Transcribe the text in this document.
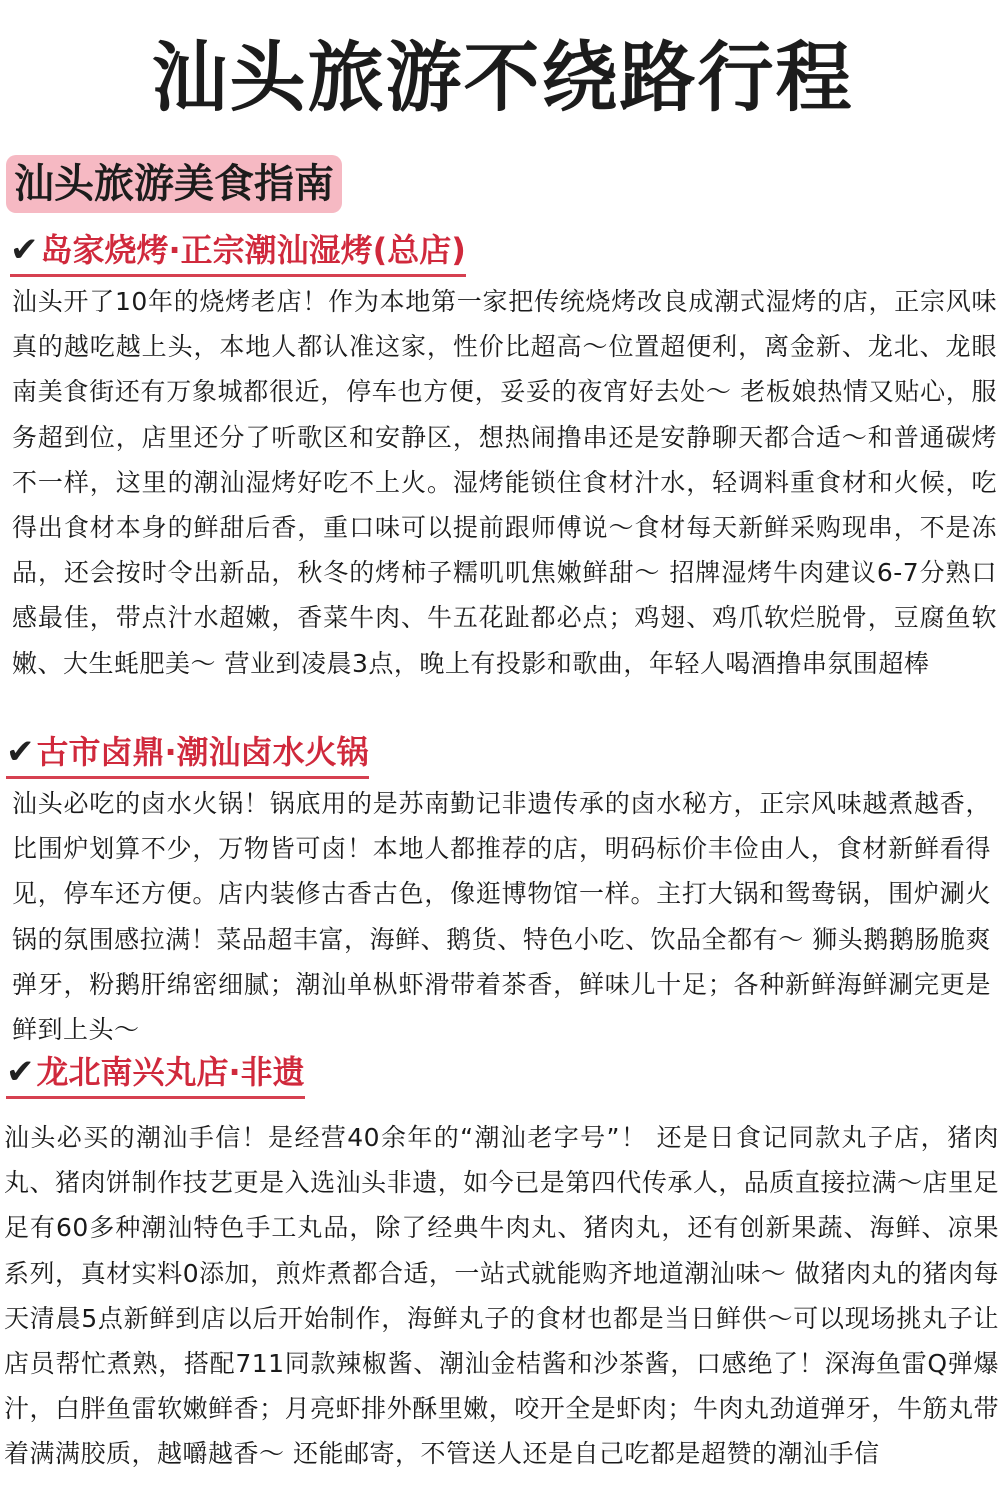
汕头旅游不绕路行程
汕头旅游美食指南
✔岛家烧烤·正宗潮汕湿烤(总店)

汕头开了10年的烧烤老店！作为本地第一家把传统烧烤改良成潮式湿烤的店，正宗风味真的越吃越上头，本地人都认准这家，性价比超高～位置超便利，离金新、龙北、龙眼南美食街还有万象城都很近，停车也方便，妥妥的夜宵好去处～ 老板娘热情又贴心，服务超到位，店里还分了听歌区和安静区，想热闹撸串还是安静聊天都合适～和普通碳烤不一样，这里的潮汕湿烤好吃不上火。湿烤能锁住食材汁水，轻调料重食材和火候，吃得出食材本身的鲜甜后香，重口味可以提前跟师傅说～食材每天新鲜采购现串，不是冻品，还会按时令出新品，秋冬的烤柿子糯叽叽焦嫩鲜甜～ 招牌湿烤牛肉建议6-7分熟口感最佳，带点汁水超嫩，香菜牛肉、牛五花趾都必点；鸡翅、鸡爪软烂脱骨，豆腐鱼软嫩、大生蚝肥美～ 营业到凌晨3点，晚上有投影和歌曲，年轻人喝酒撸串氛围超棒

✔古市卤鼎·潮汕卤水火锅

汕头必吃的卤水火锅！锅底用的是苏南勤记非遗传承的卤水秘方，正宗风味越煮越香，比围炉划算不少，万物皆可卤！本地人都推荐的店，明码标价丰俭由人，食材新鲜看得见，停车还方便。店内装修古香古色，像逛博物馆一样。主打大锅和鸳鸯锅，围炉涮火锅的氛围感拉满！菜品超丰富，海鲜、鹅货、特色小吃、饮品全都有～ 狮头鹅鹅肠脆爽弹牙，粉鹅肝绵密细腻；潮汕单枞虾滑带着茶香，鲜味儿十足；各种新鲜海鲜涮完更是鲜到上头～

✔龙北南兴丸店·非遗

汕头必买的潮汕手信！是经营40余年的“潮汕老字号”！ 还是日食记同款丸子店，猪肉丸、猪肉饼制作技艺更是入选汕头非遗，如今已是第四代传承人，品质直接拉满～店里足足有60多种潮汕特色手工丸品，除了经典牛肉丸、猪肉丸，还有创新果蔬、海鲜、凉果系列，真材实料0添加，煎炸煮都合适，一站式就能购齐地道潮汕味～ 做猪肉丸的猪肉每天清晨5点新鲜到店以后开始制作，海鲜丸子的食材也都是当日鲜供～可以现场挑丸子让店员帮忙煮熟，搭配711同款辣椒酱、潮汕金桔酱和沙茶酱，口感绝了！深海鱼雷Q弹爆汁，白胖鱼雷软嫩鲜香；月亮虾排外酥里嫩，咬开全是虾肉；牛肉丸劲道弹牙，牛筋丸带着满满胶质，越嚼越香～ 还能邮寄，不管送人还是自己吃都是超赞的潮汕手信
